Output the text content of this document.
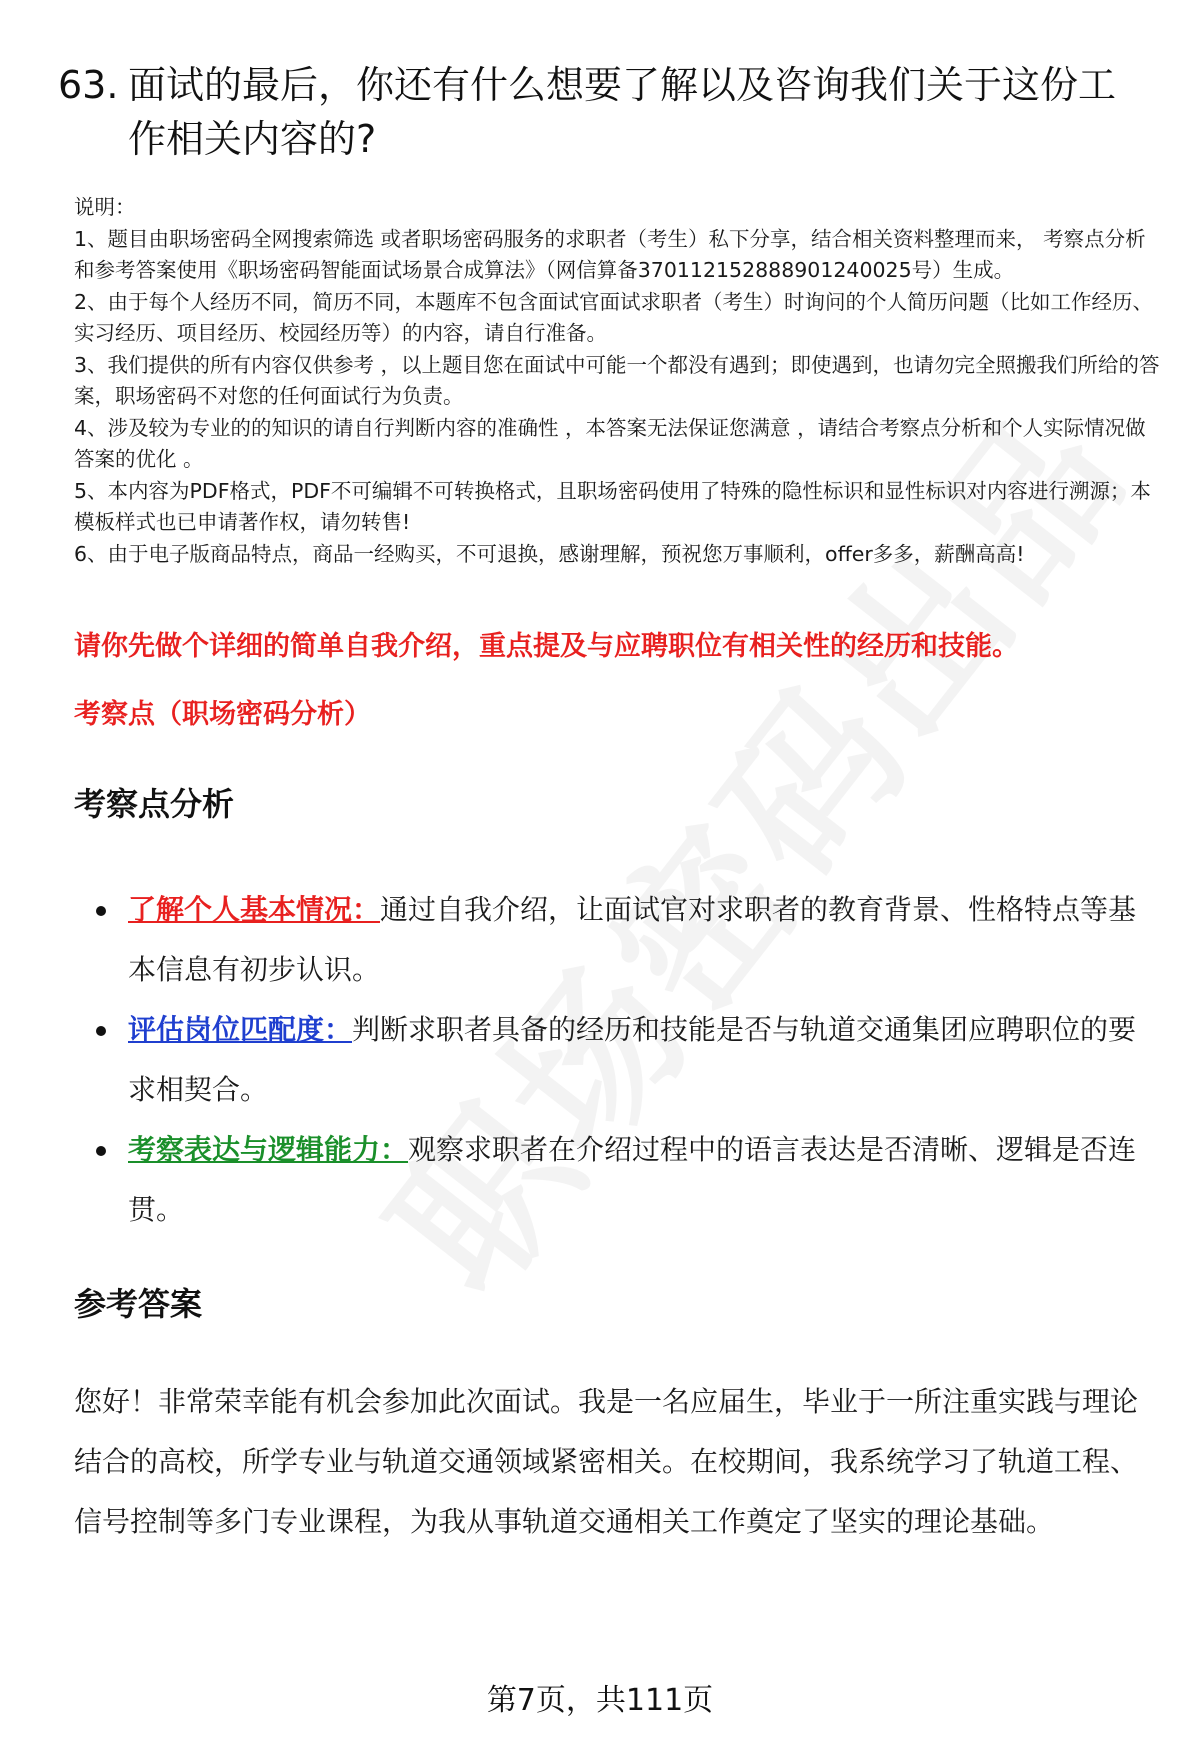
63. 面试的最后，你还有什么想要了解以及咨询我们关于这份工作相关内容的?

说明：

1、题目由职场密码全网搜索筛选 或者职场密码服务的求职者（考生）私下分享，结合相关资料整理而来， 考察点分析和参考答案使用《职场密码智能面试场景合成算法》（网信算备370112152888901240025号）生成。

2、由于每个人经历不同，简历不同，本题库不包含面试官面试求职者（考生）时询问的个人简历问题（比如工作经历、实习经历、项目经历、校园经历等）的内容，请自行准备。

3、我们提供的所有内容仅供参考 ，以上题目您在面试中可能一个都没有遇到；即使遇到，也请勿完全照搬我们所给的答案，职场密码不对您的任何面试行为负责。

4、涉及较为专业的的知识的请自行判断内容的准确性 ，本答案无法保证您满意 ，请结合考察点分析和个人实际情况做答案的优化 。

5、本内容为PDF格式，PDF不可编辑不可转换格式，且职场密码使用了特殊的隐性标识和显性标识对内容进行溯源；本模板样式也已申请著作权，请勿转售!

6、由于电子版商品特点，商品一经购买，不可退换，感谢理解，预祝您万事顺利，offer多多，薪酬高高!

请你先做个详细的简单自我介绍，重点提及与应聘职位有相关性的经历和技能。
考察点（职场密码分析）
考察点分析
了解个人基本情况：通过自我介绍，让面试官对求职者的教育背景、性格特点等基本信息有初步认识。
评估岗位匹配度：判断求职者具备的经历和技能是否与轨道交通集团应聘职位的要求相契合。
考察表达与逻辑能力：观察求职者在介绍过程中的语言表达是否清晰、逻辑是否连贯。
参考答案

您好！非常荣幸能有机会参加此次面试。我是一名应届生，毕业于一所注重实践与理论结合的高校，所学专业与轨道交通领域紧密相关。在校期间，我系统学习了轨道工程、信号控制等多门专业课程，为我从事轨道交通相关工作奠定了坚实的理论基础。

第7页，共111页
